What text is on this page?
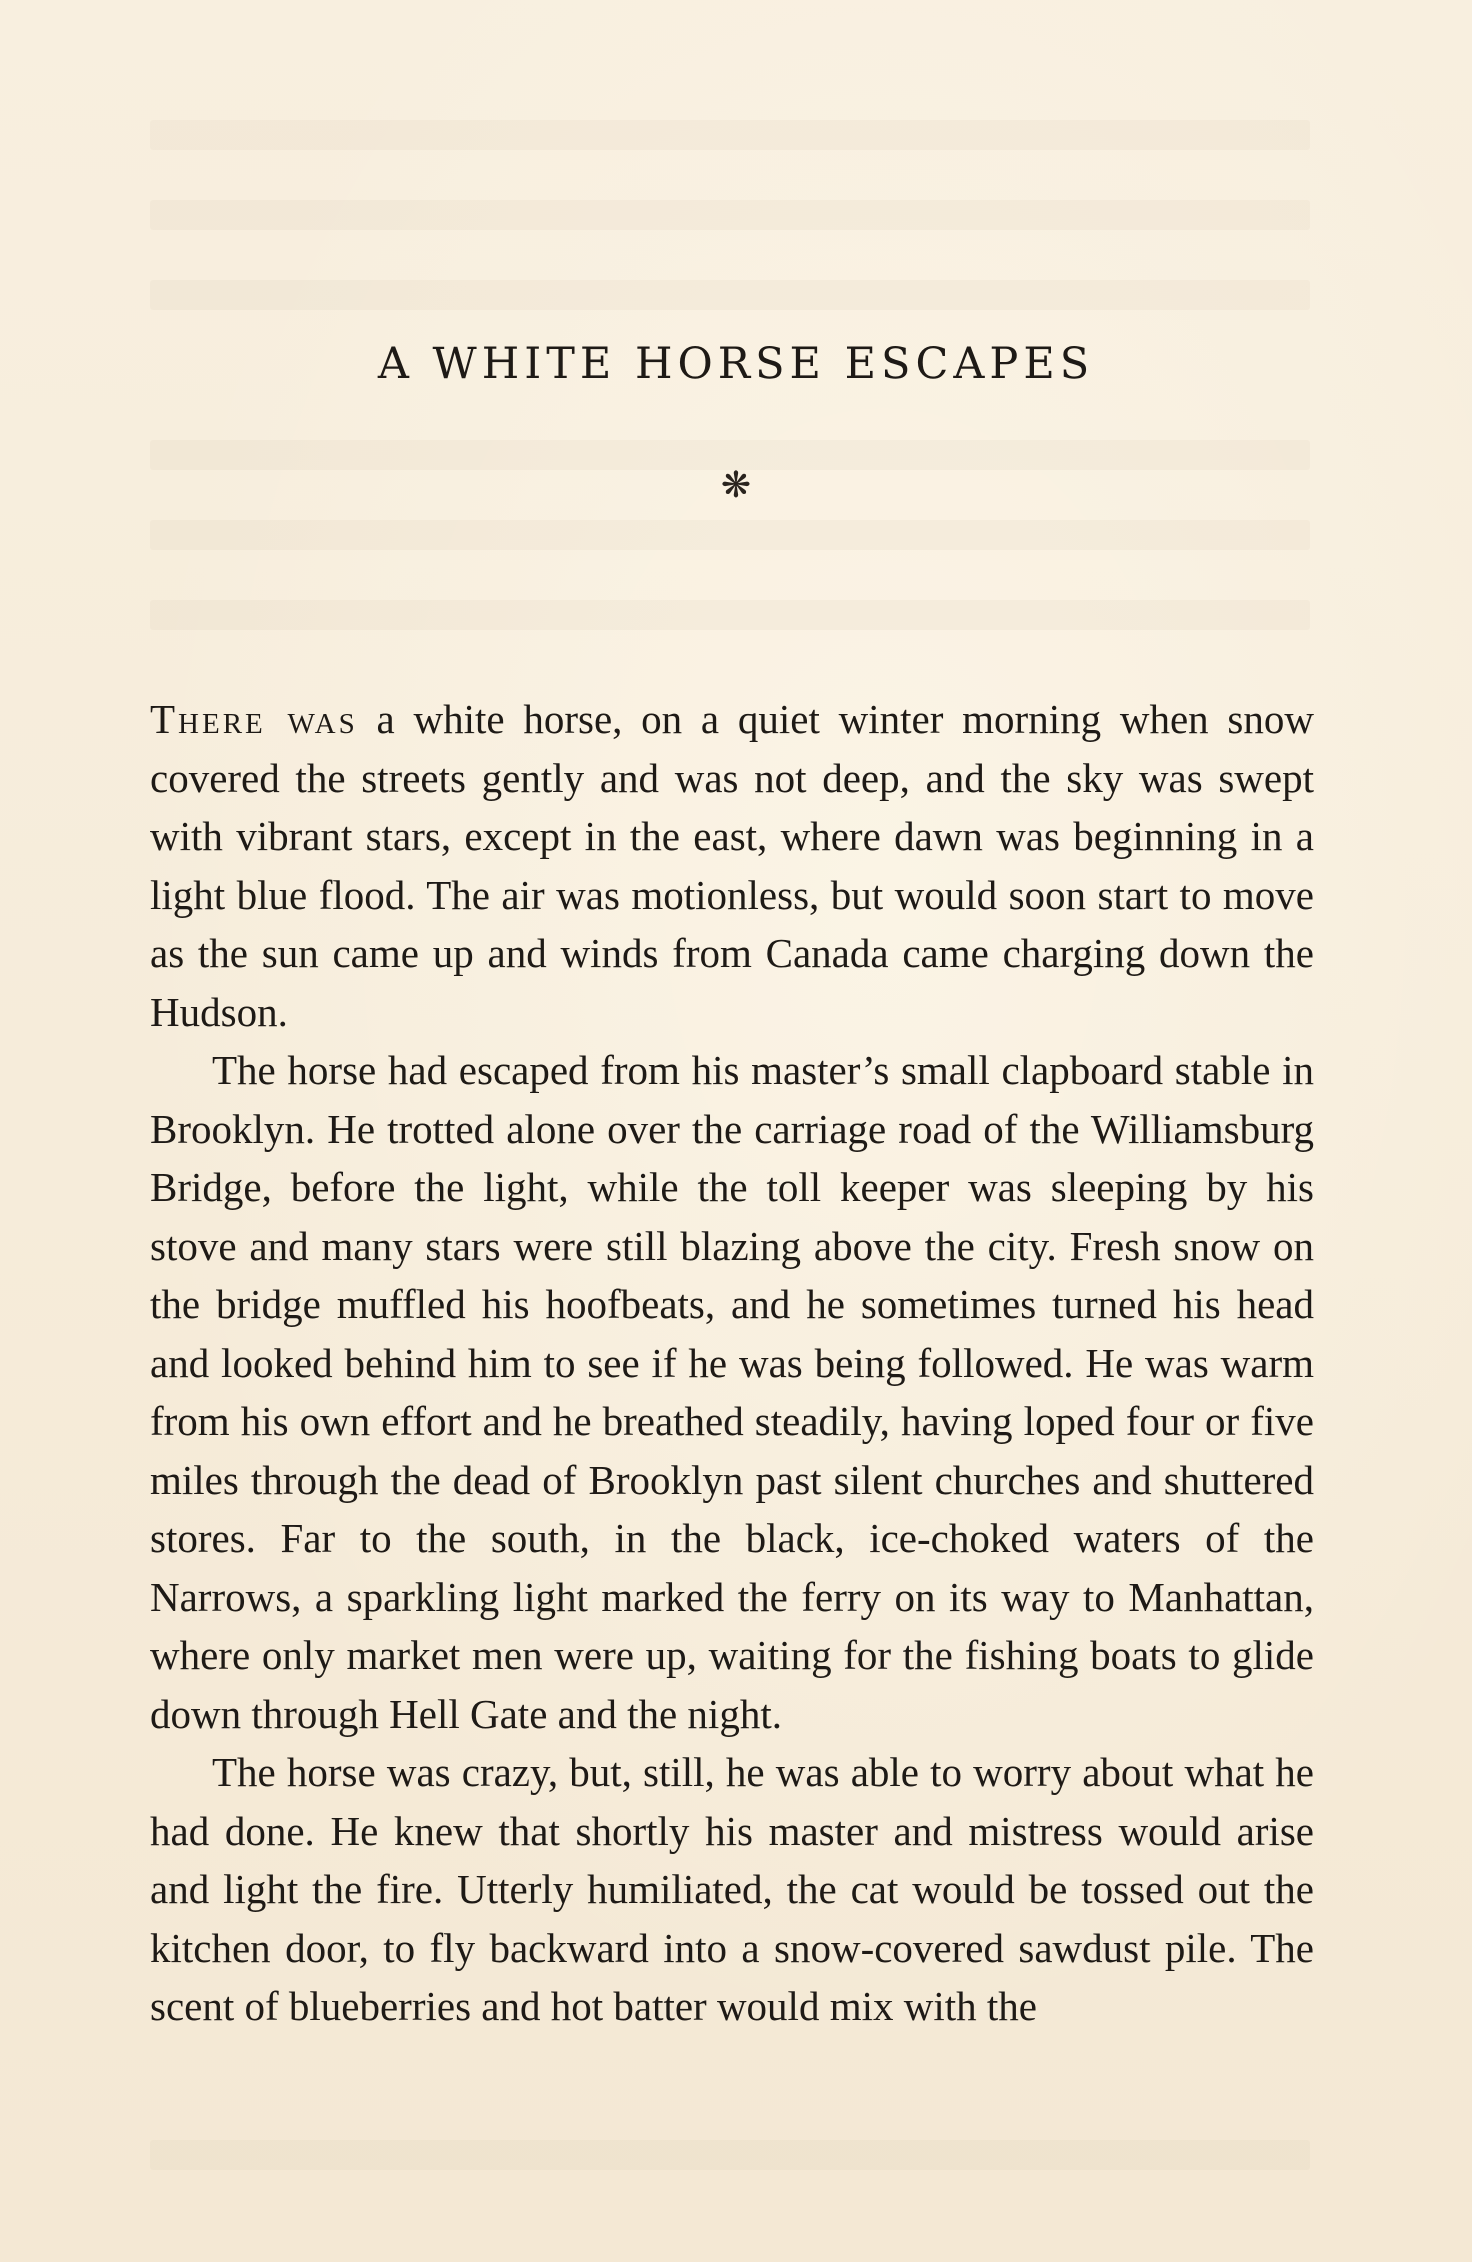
A WHITE HORSE ESCAPES
❋

There was a white horse, on a quiet winter morning when snow covered the streets gently and was not deep, and the sky was swept with vibrant stars, except in the east, where dawn was beginning in a light blue flood. The air was motionless, but would soon start to move as the sun came up and winds from Canada came charging down the Hudson.

The horse had escaped from his master’s small clapboard stable in Brooklyn. He trotted alone over the carriage road of the Williamsburg Bridge, before the light, while the toll keeper was sleeping by his stove and many stars were still blazing above the city. Fresh snow on the bridge muffled his hoofbeats, and he sometimes turned his head and looked behind him to see if he was being followed. He was warm from his own effort and he breathed steadily, having loped four or five miles through the dead of Brooklyn past silent churches and shuttered stores. Far to the south, in the black, ice-choked waters of the Narrows, a sparkling light marked the ferry on its way to Manhattan, where only market men were up, waiting for the fishing boats to glide down through Hell Gate and the night.

The horse was crazy, but, still, he was able to worry about what he had done. He knew that shortly his master and mistress would arise and light the fire. Utterly humiliated, the cat would be tossed out the kitchen door, to fly backward into a snow-covered sawdust pile. The scent of blueberries and hot batter would mix with the
